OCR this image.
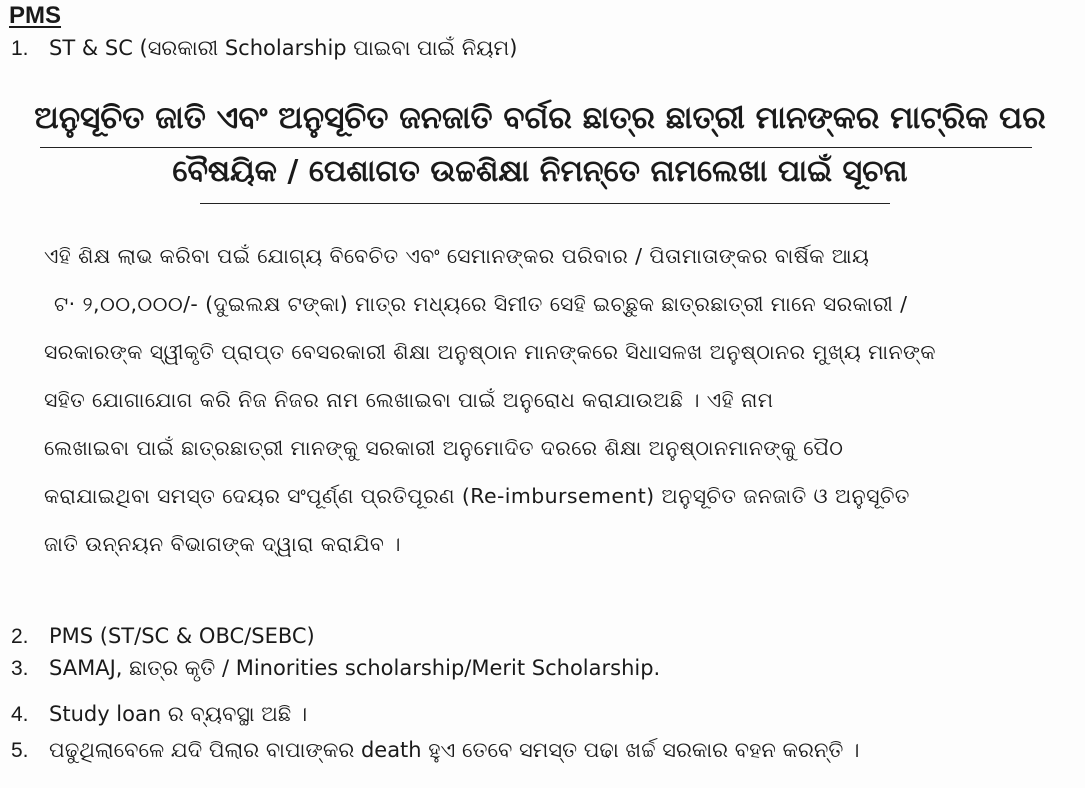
PMS
1. ST & SC (ସରକାରୀ Scholarship ପାଇବା ପାଇଁ ନିୟମ)
ଅନୁସୂଚିତ ଜାତି ଏବଂ ଅନୁସୂଚିତ ଜନଜାତି ବର୍ଗର ଛାତ୍ର ଛାତ୍ରୀ ମାନଙ୍କର ମାଟ୍ରିକ ପର
ବୈଷୟିକ / ପେଶାଗତ ଉଚ୍ଚଶିକ୍ଷା ନିମନ୍ତେ ନାମଲେଖା ପାଇଁ ସୂଚନା
ଏହି ଶିକ୍ଷ ଲାଭ କରିବା ପଇଁ ଯୋଗ୍ୟ ବିବେଚିତ ଏବଂ ସେମାନଙ୍କର ପରିବାର / ପିତାମାତାଙ୍କର ବାର୍ଷିକ ଆୟ
ଟ· ୨,୦୦,୦୦୦/- (ଦୁଇଲକ୍ଷ ଟଙ୍କା) ମାତ୍ର ମଧ୍ୟରେ ସିମୀତ ସେହି ଇଚ୍ଛୁକ ଛାତ୍ରଛାତ୍ରୀ ମାନେ ସରକାରୀ /
ସରକାରଙ୍କ ସ୍ୱୀକୃତି ପ୍ରାପ୍ତ ବେସରକାରୀ ଶିକ୍ଷା ଅନୁଷ୍ଠାନ ମାନଙ୍କରେ ସିଧାସଳଖ ଅନୁଷ୍ଠାନର ମୁଖ୍ୟ ମାନଙ୍କ
ସହିତ ଯୋଗାଯୋଗ କରି ନିଜ ନିଜର ନାମ ଲେଖାଇବା ପାଇଁ ଅନୁରୋଧ କରାଯାଉଅଛି । ଏହି ନାମ
ଲେଖାଇବା ପାଇଁ ଛାତ୍ରଛାତ୍ରୀ ମାନଙ୍କୁ ସରକାରୀ ଅନୁମୋଦିତ ଦରରେ ଶିକ୍ଷା ଅନୁଷ୍ଠାନମାନଙ୍କୁ ପୈଠ
କରାଯାଇଥିବା ସମସ୍ତ ଦେୟର ସଂପୂର୍ଣ୍ଣ ପ୍ରତିପୂରଣ (Re-imbursement) ଅନୁସୂଚିତ ଜନଜାତି ଓ ଅନୁସୂଚିତ
ଜାତି ଉନ୍ନୟନ ବିଭାଗଙ୍କ ଦ୍ୱାରା କରାଯିବ ।
2. PMS (ST/SC & OBC/SEBC)
3. SAMAJ, ଛାତ୍ର କୃତି / Minorities scholarship/Merit Scholarship.
4. Study loan ର ବ୍ୟବସ୍ଥା ଅଛି ।
5. ପଢୁଥିଲାବେଳେ ଯଦି ପିଲାର ବାପାଙ୍କର death ହୁଏ ତେବେ ସମସ୍ତ ପଢା ଖର୍ଚ୍ଚ ସରକାର ବହନ କରନ୍ତି ।
